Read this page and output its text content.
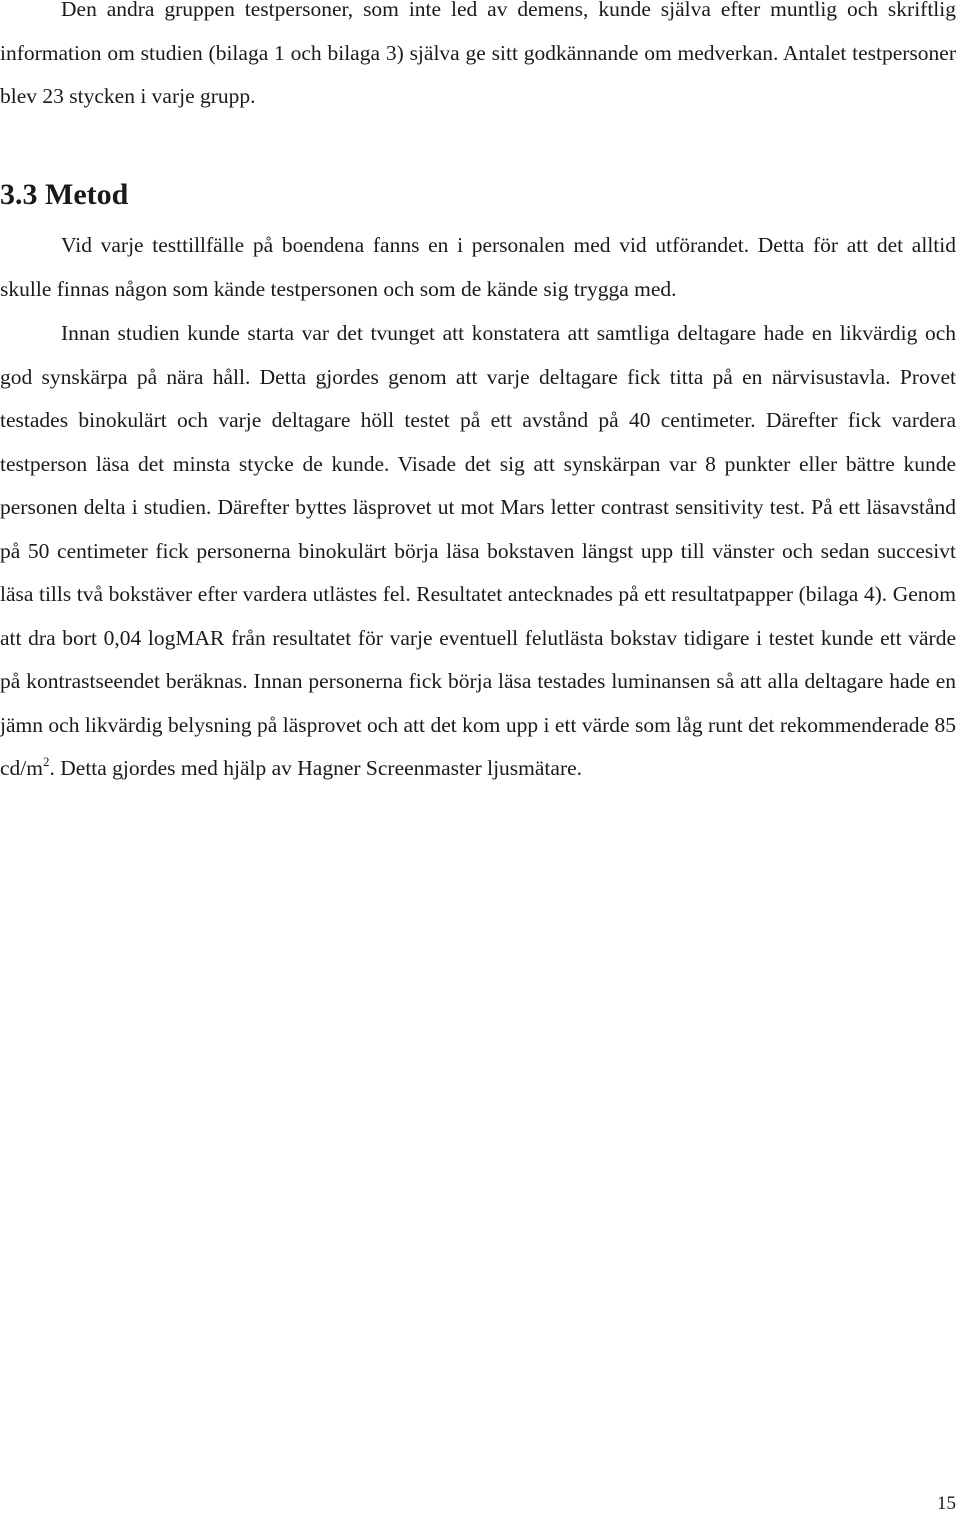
Den andra gruppen testpersoner, som inte led av demens, kunde själva efter muntlig och skriftlig information om studien (bilaga 1 och bilaga 3) själva ge sitt godkännande om medverkan. Antalet testpersoner blev 23 stycken i varje grupp.

3.3 Metod

Vid varje testtillfälle på boendena fanns en i personalen med vid utförandet. Detta för att det alltid skulle finnas någon som kände testpersonen och som de kände sig trygga med.

Innan studien kunde starta var det tvunget att konstatera att samtliga deltagare hade en likvärdig och god synskärpa på nära håll. Detta gjordes genom att varje deltagare fick titta på en närvisustavla. Provet testades binokulärt och varje deltagare höll testet på ett avstånd på 40 centimeter. Därefter fick vardera testperson läsa det minsta stycke de kunde. Visade det sig att synskärpan var 8 punkter eller bättre kunde personen delta i studien. Därefter byttes läsprovet ut mot Mars letter contrast sensitivity test. På ett läsavstånd på 50 centimeter fick personerna binokulärt börja läsa bokstaven längst upp till vänster och sedan succesivt läsa tills två bokstäver efter vardera utlästes fel. Resultatet antecknades på ett resultatpapper (bilaga 4). Genom att dra bort 0,04 logMAR från resultatet för varje eventuell felutlästa bokstav tidigare i testet kunde ett värde på kontrastseendet beräknas. Innan personerna fick börja läsa testades luminansen så att alla deltagare hade en jämn och likvärdig belysning på läsprovet och att det kom upp i ett värde som låg runt det rekommenderade 85 $cd/m^2$. Detta gjordes med hjälp av Hagner Screenmaster ljusmätare.

15
